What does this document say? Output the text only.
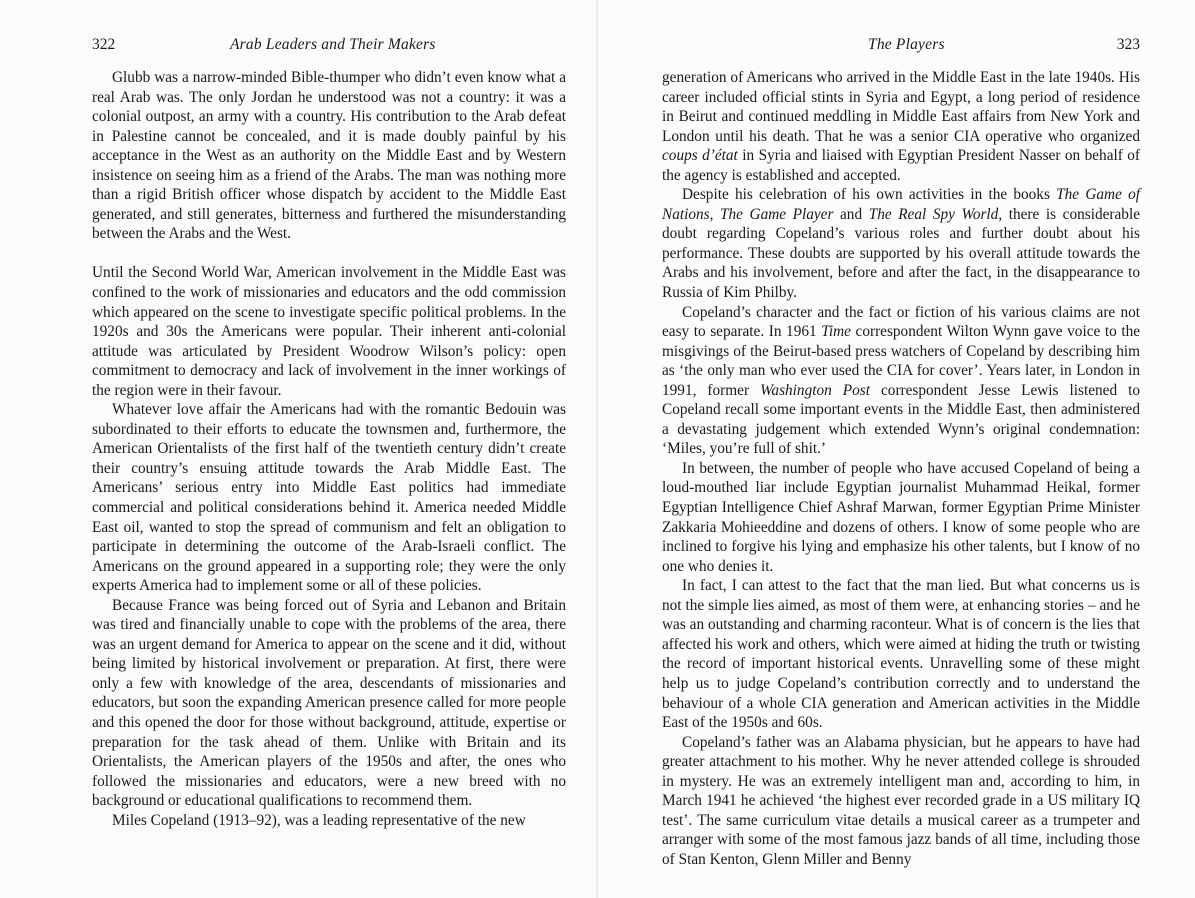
322	Arab Leaders and Their Makers

Glubb was a narrow-minded Bible-thumper who didn’t even know what a real Arab was. The only Jordan he understood was not a country: it was a colonial outpost, an army with a country. His contribution to the Arab defeat in Palestine cannot be concealed, and it is made doubly painful by his acceptance in the West as an authority on the Middle East and by Western insistence on seeing him as a friend of the Arabs. The man was nothing more than a rigid British officer whose dispatch by accident to the Middle East generated, and still generates, bitterness and furthered the misunderstanding between the Arabs and the West.

Until the Second World War, American involvement in the Middle East was confined to the work of missionaries and educators and the odd commission which appeared on the scene to investigate specific political problems. In the 1920s and 30s the Americans were popular. Their inherent anti-colonial attitude was articulated by President Woodrow Wilson’s policy: open commitment to democracy and lack of involvement in the inner workings of the region were in their favour.

Whatever love affair the Americans had with the romantic Bedouin was subordinated to their efforts to educate the townsmen and, furthermore, the American Orientalists of the first half of the twentieth century didn’t create their country’s ensuing attitude towards the Arab Middle East. The Americans’ serious entry into Middle East politics had immediate commercial and political considerations behind it. America needed Middle East oil, wanted to stop the spread of communism and felt an obligation to participate in determining the outcome of the Arab-Israeli conflict. The Americans on the ground appeared in a supporting role; they were the only experts America had to implement some or all of these policies.

Because France was being forced out of Syria and Lebanon and Britain was tired and financially unable to cope with the problems of the area, there was an urgent demand for America to appear on the scene and it did, without being limited by historical involvement or preparation. At first, there were only a few with knowledge of the area, descendants of missionaries and educators, but soon the expanding American presence called for more people and this opened the door for those without background, attitude, expertise or preparation for the task ahead of them. Unlike with Britain and its Orientalists, the American players of the 1950s and after, the ones who followed the missionaries and educators, were a new breed with no background or educational qualifications to recommend them.

Miles Copeland (1913–92), was a leading representative of the new

The Players	323

generation of Americans who arrived in the Middle East in the late 1940s. His career included official stints in Syria and Egypt, a long period of residence in Beirut and continued meddling in Middle East affairs from New York and London until his death. That he was a senior CIA operative who organized coups d’état in Syria and liaised with Egyptian President Nasser on behalf of the agency is established and accepted.

Despite his celebration of his own activities in the books The Game of Nations, The Game Player and The Real Spy World, there is considerable doubt regarding Copeland’s various roles and further doubt about his performance. These doubts are supported by his overall attitude towards the Arabs and his involvement, before and after the fact, in the disappearance to Russia of Kim Philby.

Copeland’s character and the fact or fiction of his various claims are not easy to separate. In 1961 Time correspondent Wilton Wynn gave voice to the misgivings of the Beirut-based press watchers of Copeland by describing him as ‘the only man who ever used the CIA for cover’. Years later, in London in 1991, former Washington Post correspondent Jesse Lewis listened to Copeland recall some important events in the Middle East, then administered a devastating judgement which extended Wynn’s original condemnation: ‘Miles, you’re full of shit.’

In between, the number of people who have accused Copeland of being a loud-mouthed liar include Egyptian journalist Muhammad Heikal, former Egyptian Intelligence Chief Ashraf Marwan, former Egyptian Prime Minister Zakkaria Mohieeddine and dozens of others. I know of some people who are inclined to forgive his lying and emphasize his other talents, but I know of no one who denies it.

In fact, I can attest to the fact that the man lied. But what concerns us is not the simple lies aimed, as most of them were, at enhancing stories – and he was an outstanding and charming raconteur. What is of concern is the lies that affected his work and others, which were aimed at hiding the truth or twisting the record of important historical events. Unravelling some of these might help us to judge Copeland’s contribution correctly and to understand the behaviour of a whole CIA generation and American activities in the Middle East of the 1950s and 60s.

Copeland’s father was an Alabama physician, but he appears to have had greater attachment to his mother. Why he never attended college is shrouded in mystery. He was an extremely intelligent man and, according to him, in March 1941 he achieved ‘the highest ever recorded grade in a US military IQ test’. The same curriculum vitae details a musical career as a trumpeter and arranger with some of the most famous jazz bands of all time, including those of Stan Kenton, Glenn Miller and Benny
